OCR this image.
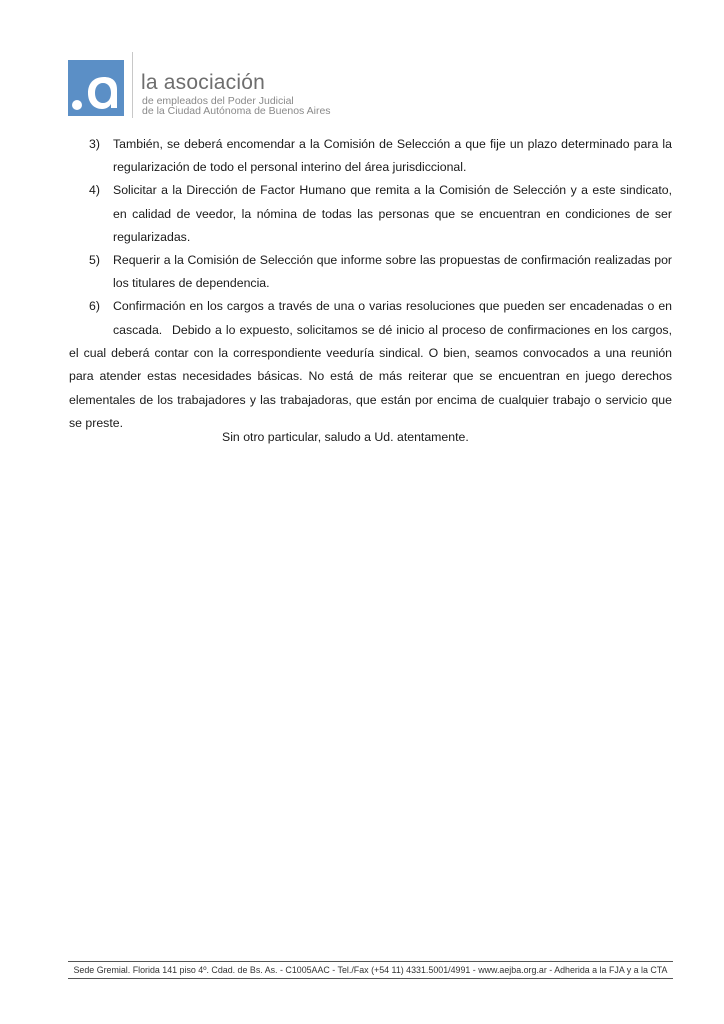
la asociación
de empleados del Poder Judicial
de la Ciudad Autónoma de Buenos Aires
3)	También, se deberá encomendar a la Comisión de Selección a que fije un plazo determinado para la regularización de todo el personal interino del área jurisdiccional.
4)	Solicitar a la Dirección de Factor Humano que remita a la Comisión de Selección y a este sindicato, en calidad de veedor, la nómina de todas las personas que se encuentran en condiciones de ser regularizadas.
5)	Requerir a la Comisión de Selección que informe sobre las propuestas de confirmación realizadas por los titulares de dependencia.
6)	Confirmación en los cargos a través de una o varias resoluciones que pueden ser encadenadas o en cascada. Debido a lo expuesto, solicitamos se dé inicio al proceso de confirmaciones en los cargos, el cual deberá contar con la correspondiente veeduría sindical. O bien, seamos convocados a una reunión para atender estas necesidades básicas. No está de más reiterar que se encuentran en juego derechos elementales de los trabajadores y las trabajadoras, que están por encima de cualquier trabajo o servicio que se preste.

Sin otro particular, saludo a Ud. atentamente.
Sede Gremial. Florida 141 piso 4º. Cdad. de Bs. As. - C1005AAC - Tel./Fax (+54 11) 4331.5001/4991 - www.aejba.org.ar - Adherida a la FJA y a la CTA
